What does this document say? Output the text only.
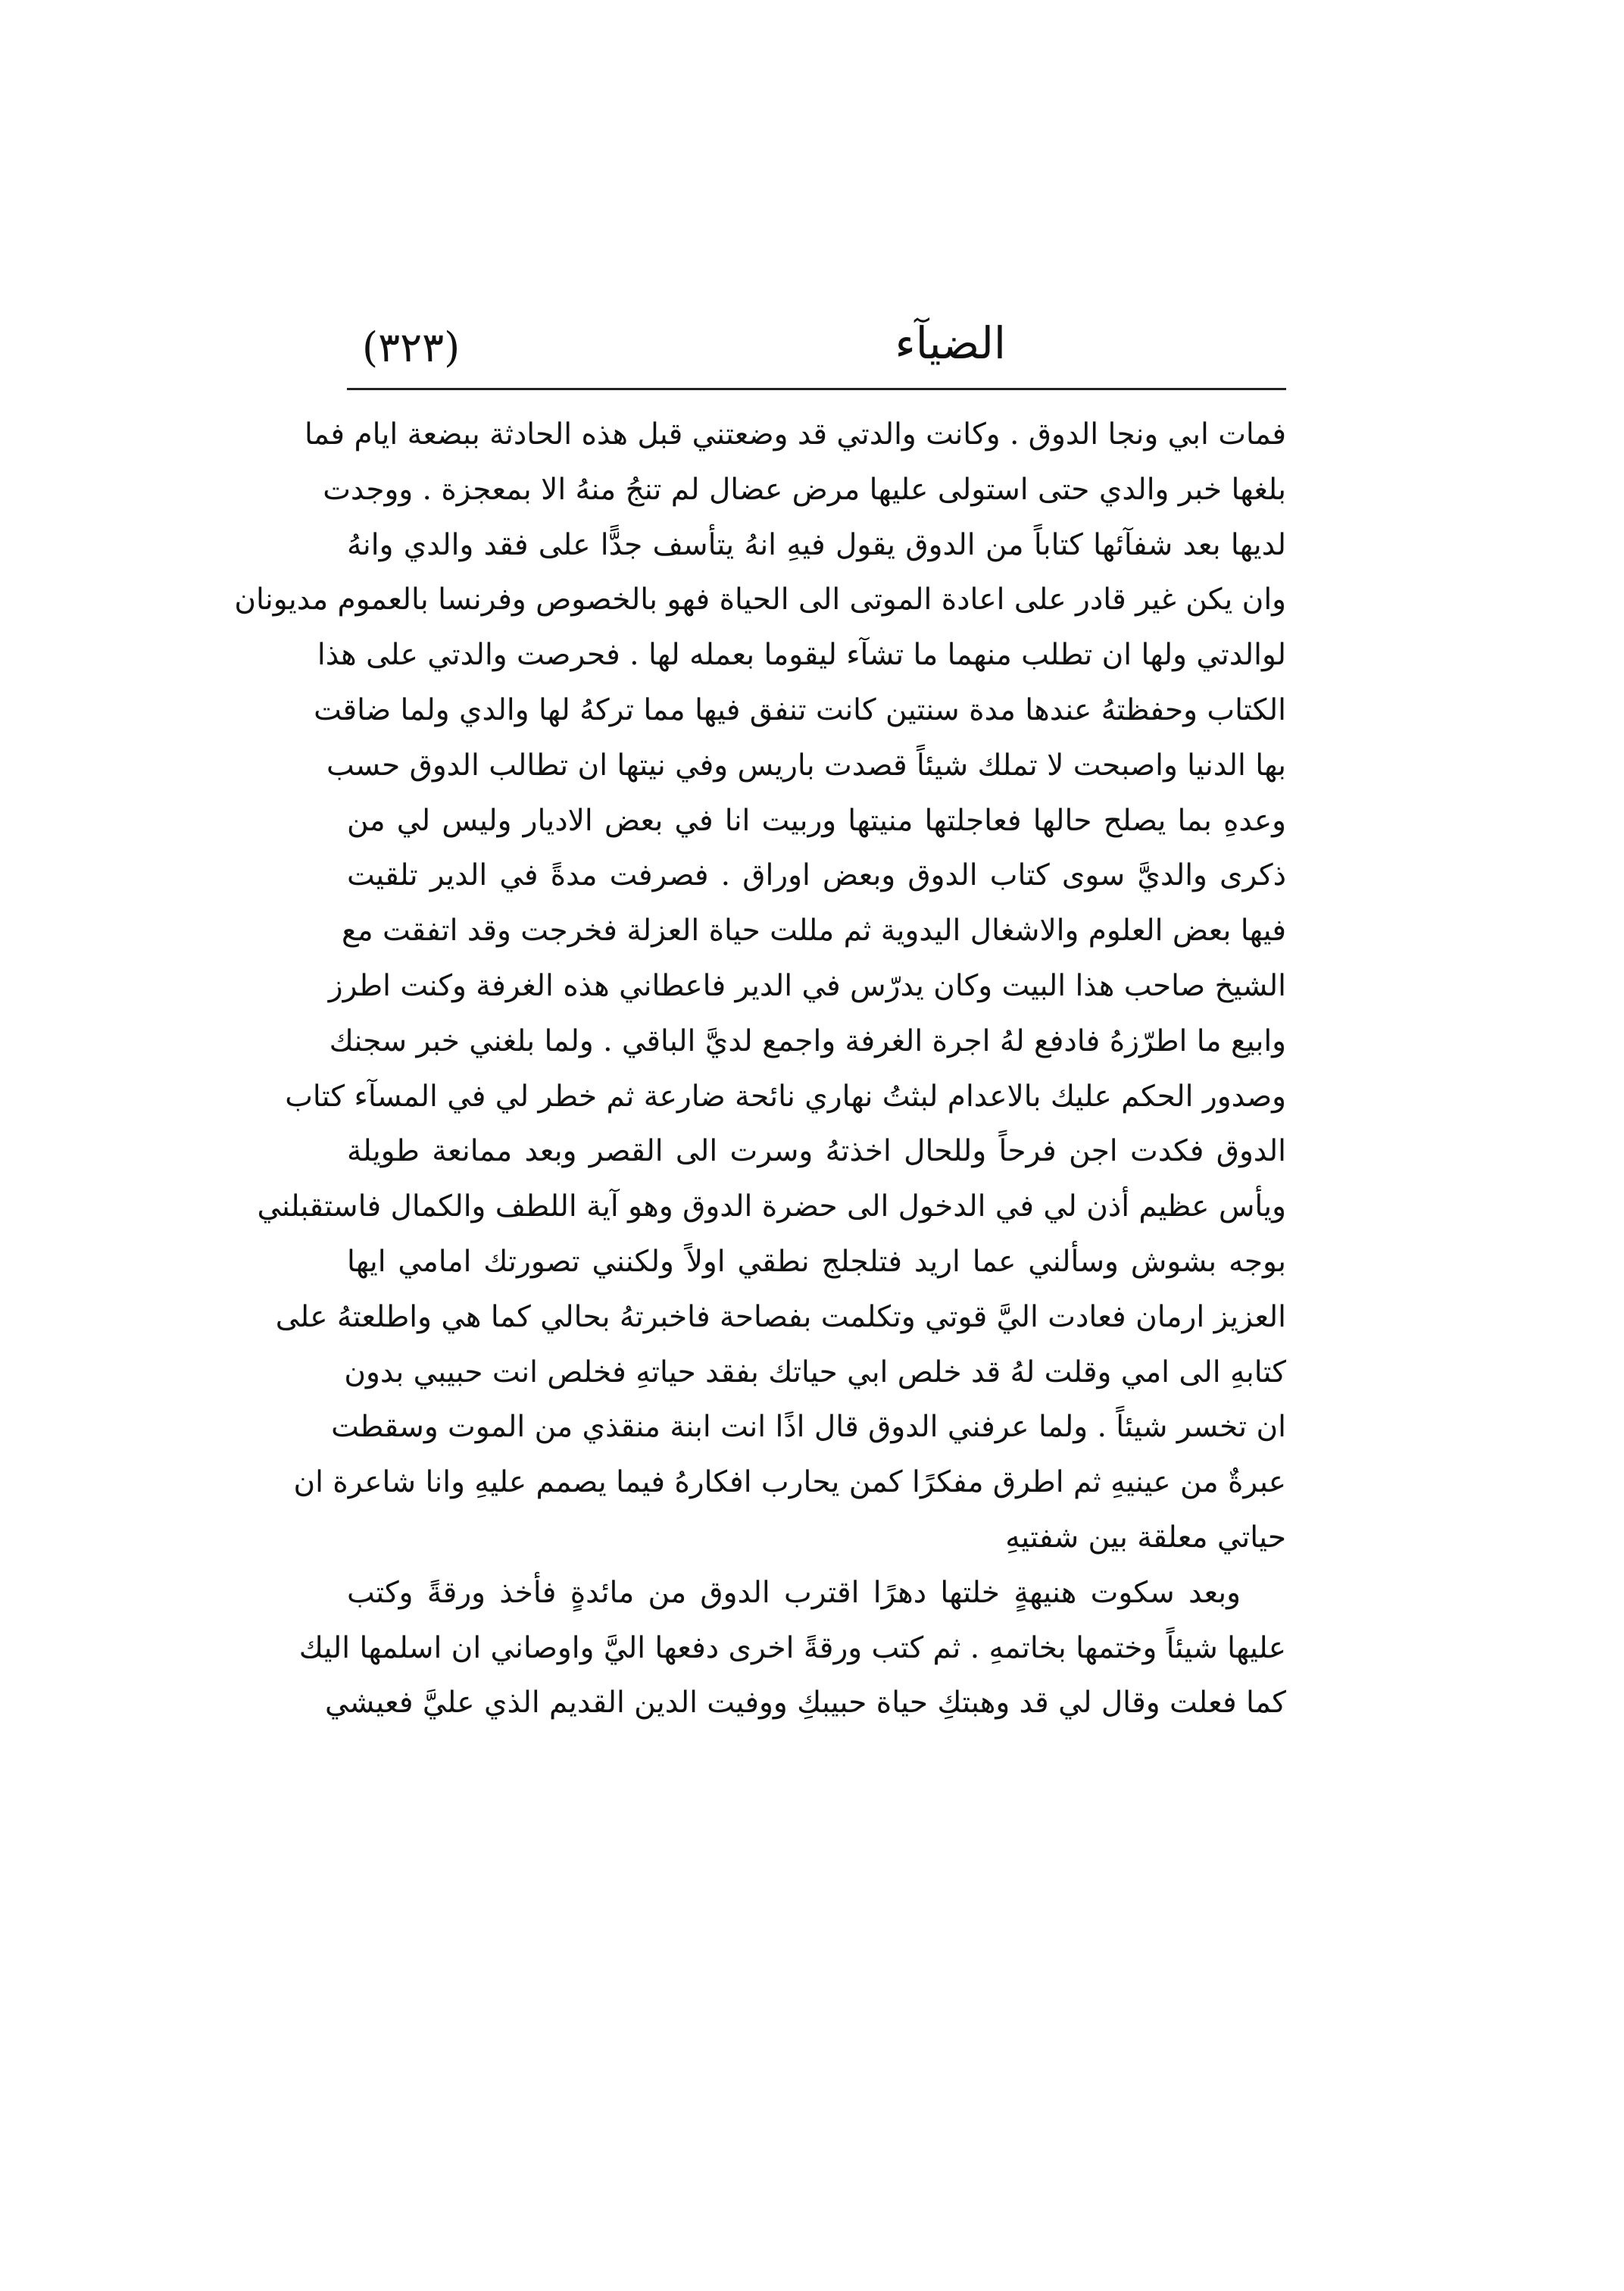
الضيآء
(٣٢٣)
فمات ابي ونجا الدوق . وكانت والدتي قد وضعتني قبل هذه الحادثة ببضعة ايام فما
بلغها خبر والدي حتى استولى عليها مرض عضال لم تنجُ منهُ الا بمعجزة . ووجدت
لديها بعد شفآئها كتاباً من الدوق يقول فيهِ انهُ يتأسف جدًّا على فقد والدي وانهُ
وان يكن غير قادر على اعادة الموتى الى الحياة فهو بالخصوص وفرنسا بالعموم مديونان
لوالدتي ولها ان تطلب منهما ما تشآء ليقوما بعمله لها . فحرصت والدتي على هذا
الكتاب وحفظتهُ عندها مدة سنتين كانت تنفق فيها مما تركهُ لها والدي ولما ضاقت
بها الدنيا واصبحت لا تملك شيئاً قصدت باريس وفي نيتها ان تطالب الدوق حسب
وعدهِ بما يصلح حالها فعاجلتها منيتها وربيت انا في بعض الاديار وليس لي من
ذكرى والديَّ سوى كتاب الدوق وبعض اوراق . فصرفت مدةً في الدير تلقيت
فيها بعض العلوم والاشغال اليدوية ثم مللت حياة العزلة فخرجت وقد اتفقت مع
الشيخ صاحب هذا البيت وكان يدرّس في الدير فاعطاني هذه الغرفة وكنت اطرز
وابيع ما اطرّزهُ فادفع لهُ اجرة الغرفة واجمع لديَّ الباقي . ولما بلغني خبر سجنك
وصدور الحكم عليك بالاعدام لبثتُ نهاري نائحة ضارعة ثم خطر لي في المسآء كتاب
الدوق فكدت اجن فرحاً وللحال اخذتهُ وسرت الى القصر وبعد ممانعة طويلة
ويأس عظيم أذن لي في الدخول الى حضرة الدوق وهو آية اللطف والكمال فاستقبلني
بوجه بشوش وسألني عما اريد فتلجلج نطقي اولاً ولكنني تصورتك امامي ايها
العزيز ارمان فعادت اليَّ قوتي وتكلمت بفصاحة فاخبرتهُ بحالي كما هي واطلعتهُ على
كتابهِ الى امي وقلت لهُ قد خلص ابي حياتك بفقد حياتهِ فخلص انت حبيبي بدون
ان تخسر شيئاً . ولما عرفني الدوق قال اذًا انت ابنة منقذي من الموت وسقطت
عبرةٌ من عينيهِ ثم اطرق مفكرًا كمن يحارب افكارهُ فيما يصمم عليهِ وانا شاعرة ان
حياتي معلقة بين شفتيهِ
وبعد سكوت هنيهةٍ خلتها دهرًا اقترب الدوق من مائدةٍ فأخذ ورقةً وكتب
عليها شيئاً وختمها بخاتمهِ . ثم كتب ورقةً اخرى دفعها اليَّ واوصاني ان اسلمها اليك
كما فعلت وقال لي قد وهبتكِ حياة حبيبكِ ووفيت الدين القديم الذي عليَّ فعيشي
